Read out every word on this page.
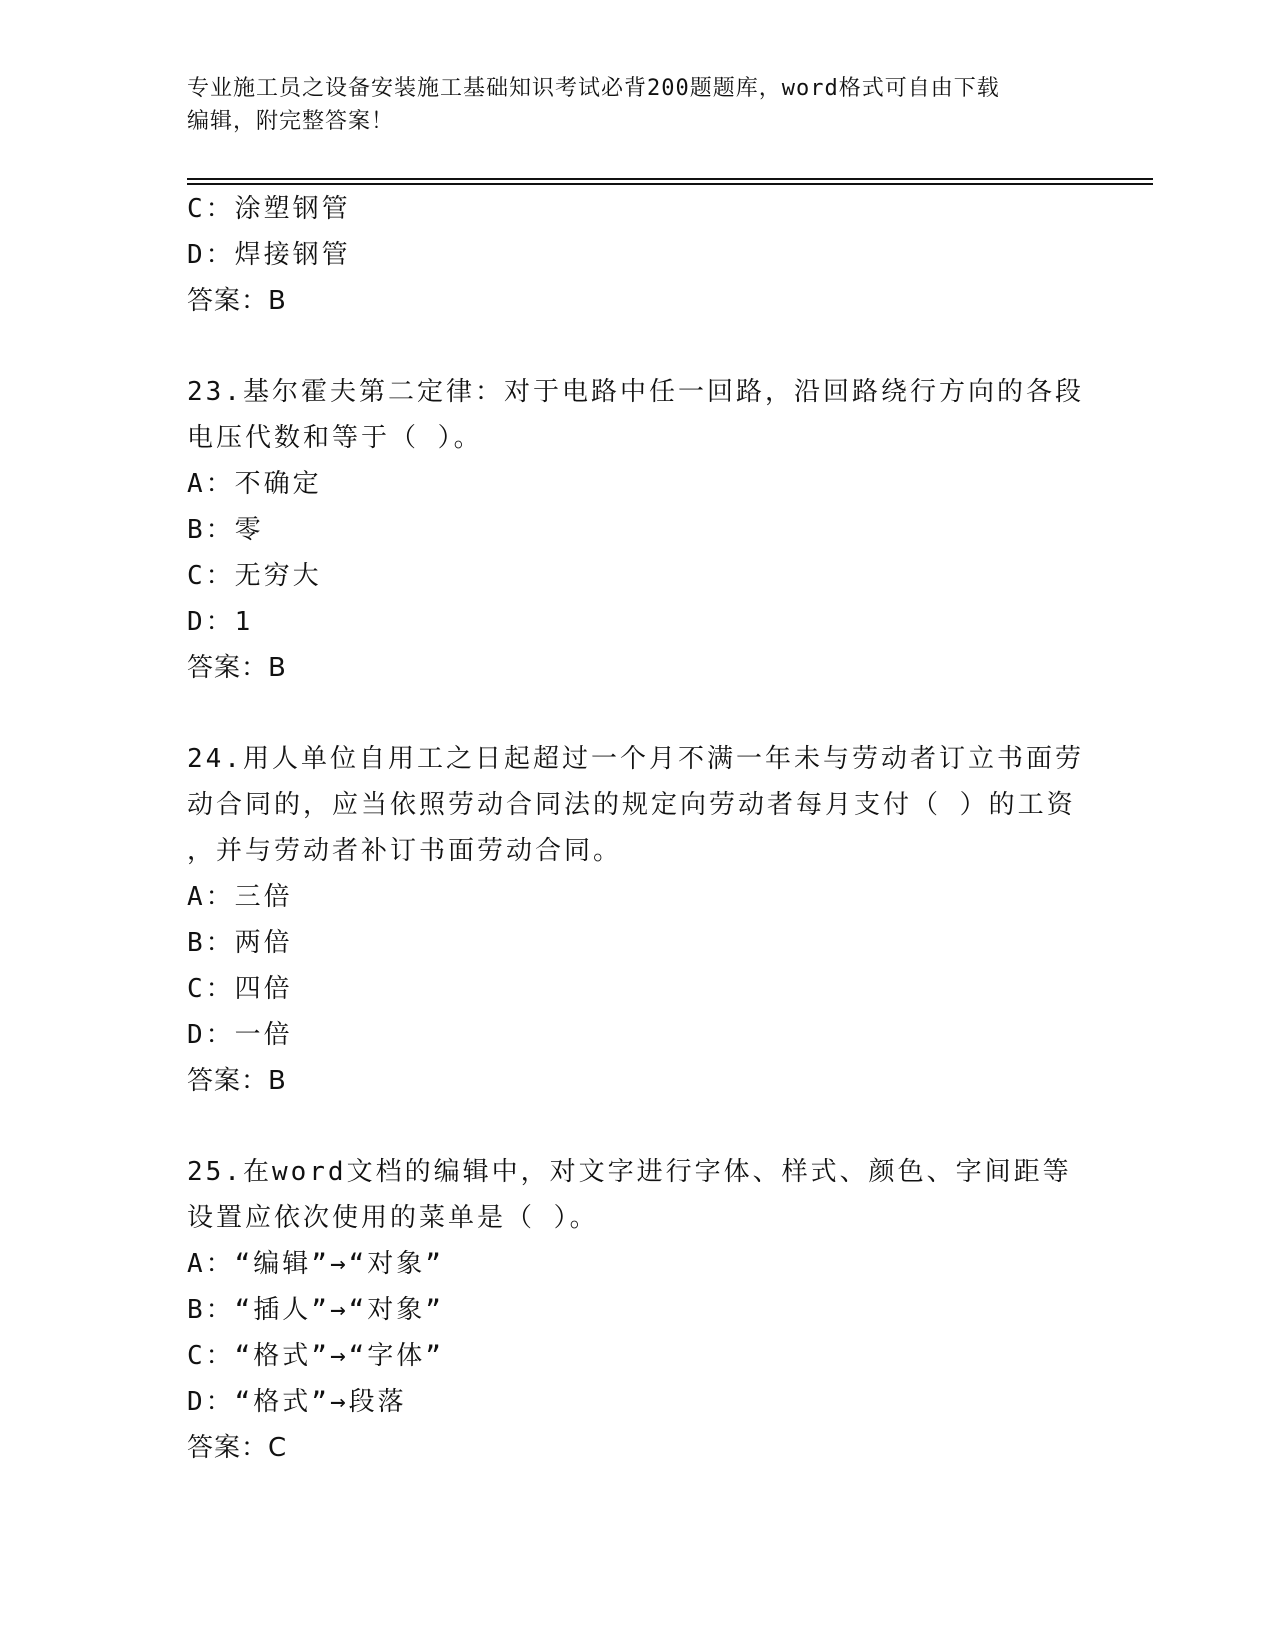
专业施工员之设备安装施工基础知识考试必背200题题库，word格式可自由下载
编辑，附完整答案！
C：涂塑钢管
D：焊接钢管
答案：B
23.基尔霍夫第二定律：对于电路中任一回路，沿回路绕行方向的各段
电压代数和等于（ ）。
A：不确定
B：零
C：无穷大
D：1
答案：B
24.用人单位自用工之日起超过一个月不满一年未与劳动者订立书面劳
动合同的，应当依照劳动合同法的规定向劳动者每月支付（ ）的工资
，并与劳动者补订书面劳动合同。
A：三倍
B：两倍
C：四倍
D：一倍
答案：B
25.在word文档的编辑中，对文字进行字体、样式、颜色、字间距等
设置应依次使用的菜单是（ ）。
A：“编辑”→“对象”
B：“插人”→“对象”
C：“格式”→“字体”
D：“格式”→段落
答案：C
